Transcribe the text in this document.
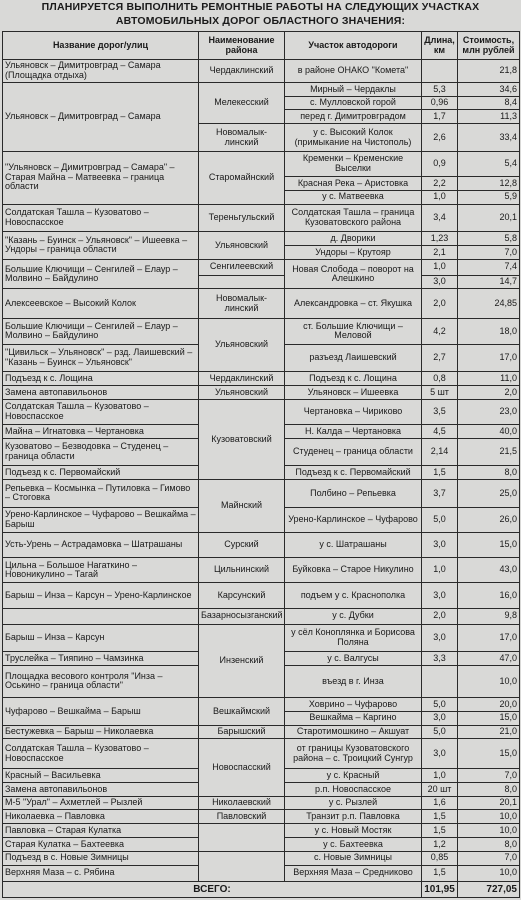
ПЛАНИРУЕТСЯ ВЫПОЛНИТЬ РЕМОНТНЫЕ РАБОТЫ НА СЛЕДУЮЩИХ УЧАСТКАХ АВТОМОБИЛЬНЫХ ДОРОГ ОБЛАСТНОГО ЗНАЧЕНИЯ:
Название дорог/улиц	Наименование района	Участок автодороги	Длина, км	Стоимость, млн рублей
Ульяновск – Димитровград – Самара (Площадка отдыха)	Чердаклинский	в районе ОНАКО "Комета"		21,8
Ульяновск – Димитровград – Самара	Мелекесский	Мирный – Чердаклы	5,3	34,6
		с. Мулловской горой	0,96	8,4
		перед г. Димитровградом	1,7	11,3
	Новомалык-линский	у с. Высокий Колок (примыкание на Чистополь)	2,6	33,4
"Ульяновск – Димитровград – Самара" – Старая Майна – Матвеевка – граница области	Старомайнский	Кременки – Кременские Выселки	0,9	5,4
		Красная Река – Аристовка	2,2	12,8
		у с. Матвеевка	1,0	5,9
Солдатская Ташла – Кузоватово – Новоспасское	Тереньгульский	Солдатская Ташла – граница Кузоватовского района	3,4	20,1
"Казань – Буинск – Ульяновск" – Ишеевка – Ундоры – граница области	Ульяновский	д. Дворики	1,23	5,8
		Ундоры – Крутояр	2,1	7,0
Большие Ключищи – Сенгилей – Елаур – Молвино – Байдулино	Сенгилеевский	Новая Слобода – поворот на Алешкино	1,0	7,4
			3,0	14,7
Алексеевское – Высокий Колок	Новомалык-линский	Александровка – ст. Якушка	2,0	24,85
Большие Ключищи – Сенгилей – Елаур – Молвино – Байдулино	Ульяновский	ст. Большие Ключищи – Меловой	4,2	18,0
"Цивильск – Ульяновск" – рзд. Лаишевский – "Казань – Буинск – Ульяновск"		разъезд Лаишевский	2,7	17,0
Подъезд к с. Лощина	Чердаклинский	Подъезд к с. Лощина	0,8	11,0
Замена автопавильонов	Ульяновский	Ульяновск – Ишеевка	5 шт	2,0
Солдатская Ташла – Кузоватово – Новоспасское	Кузоватовский	Чертановка – Чириково	3,5	23,0
Майна – Игнатовка – Чертановка		Н. Калда – Чертановка	4,5	40,0
Кузоватово – Безводовка – Студенец – граница области		Студенец – граница области	2,14	21,5
Подъезд к с. Первомайский		Подъезд к с. Первомайский	1,5	8,0
Репьевка – Космынка – Путиловка – Гимово – Стоговка	Майнский	Полбино – Репьевка	3,7	25,0
Урено-Карлинское – Чуфарово – Вешкайма – Барыш		Урено-Карлинское – Чуфарово	5,0	26,0
Усть-Урень – Астрадамовка – Шатрашаны	Сурский	у с. Шатрашаны	3,0	15,0
Цильна – Большое Нагаткино – Новоникулино – Тагай	Цильнинский	Буйковка – Старое Никулино	1,0	43,0
Барыш – Инза – Карсун – Урено-Карлинское	Карсунский	подъем у с. Краснополка	3,0	16,0
	Базарносызганский	у с. Дубки	2,0	9,8
Барыш – Инза – Карсун	Инзенский	у сёл Коноплянка и Борисова Поляна	3,0	17,0
Труслейка – Тияпино – Чамзинка		у с. Валгусы	3,3	47,0
Площадка весового контроля "Инза – Оськино – граница области"		въезд в г. Инза		10,0
Чуфарово – Вешкайма – Барыш	Вешкаймский	Ховрино – Чуфарово	5,0	20,0
		Вешкайма – Каргино	3,0	15,0
Бестужевка – Барыш – Николаевка	Барышский	Старотимошкино – Акшуат	5,0	21,0
Солдатская Ташла – Кузоватово – Новоспасское	Новоспасский	от границы Кузоватовского района – с. Троицкий Сунгур	3,0	15,0
Красный – Васильевка		у с. Красный	1,0	7,0
Замена автопавильонов		р.п. Новоспасское	20 шт	8,0
М-5 "Урал" – Ахметлей – Рызлей	Николаевский	у с. Рызлей	1,6	20,1
Николаевка – Павловка	Павловский	Транзит р.п. Павловка	1,5	10,0
Павловка – Старая Кулатка		у с. Новый Мостяк	1,5	10,0
Старая Кулатка – Бахтеевка		у с. Бахтеевка	1,2	8,0
Подъезд в с. Новые Зимницы		с. Новые Зимницы	0,85	7,0
Верхняя Маза – с. Рябина		Верхняя Маза – Средниково	1,5	10,0
ВСЕГО:			101,95	727,05
